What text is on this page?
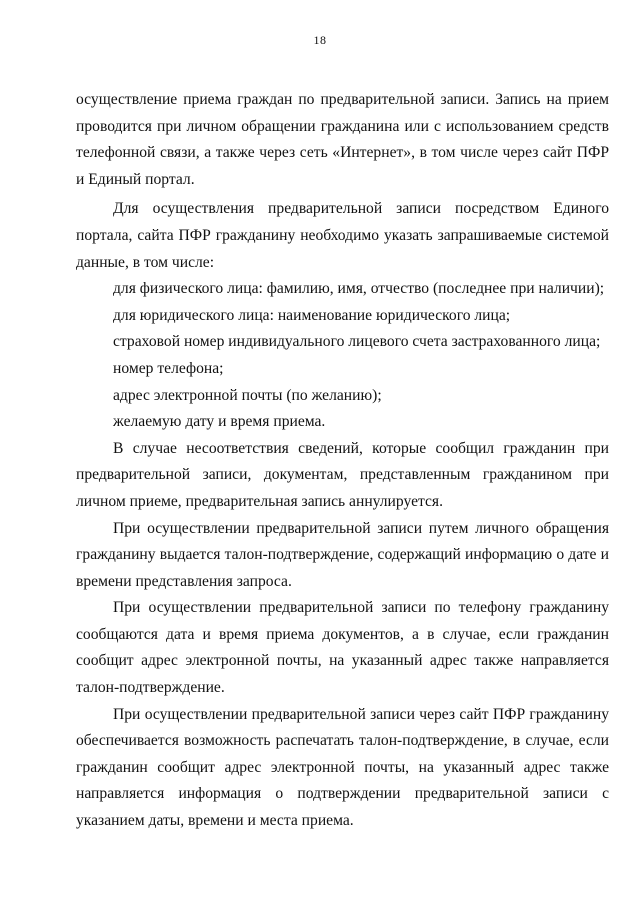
18

осуществление приема граждан по предварительной записи. Запись на прием проводится при личном обращении гражданина или с использованием средств телефонной связи, а также через сеть «Интернет», в том числе через сайт ПФР и Единый портал.

Для осуществления предварительной записи посредством Единого портала, сайта ПФР гражданину необходимо указать запрашиваемые системой данные, в том числе:

для физического лица: фамилию, имя, отчество (последнее при наличии);

для юридического лица: наименование юридического лица;

страховой номер индивидуального лицевого счета застрахованного лица;

номер телефона;

адрес электронной почты (по желанию);

желаемую дату и время приема.

В случае несоответствия сведений, которые сообщил гражданин при предварительной записи, документам, представленным гражданином при личном приеме, предварительная запись аннулируется.

При осуществлении предварительной записи путем личного обращения гражданину выдается талон-подтверждение, содержащий информацию о дате и времени представления запроса.

При осуществлении предварительной записи по телефону гражданину сообщаются дата и время приема документов, а в случае, если гражданин сообщит адрес электронной почты, на указанный адрес также направляется талон-подтверждение.

При осуществлении предварительной записи через сайт ПФР гражданину обеспечивается возможность распечатать талон-подтверждение, в случае, если гражданин сообщит адрес электронной почты, на указанный адрес также направляется информация о подтверждении предварительной записи с указанием даты, времени и места приема.
